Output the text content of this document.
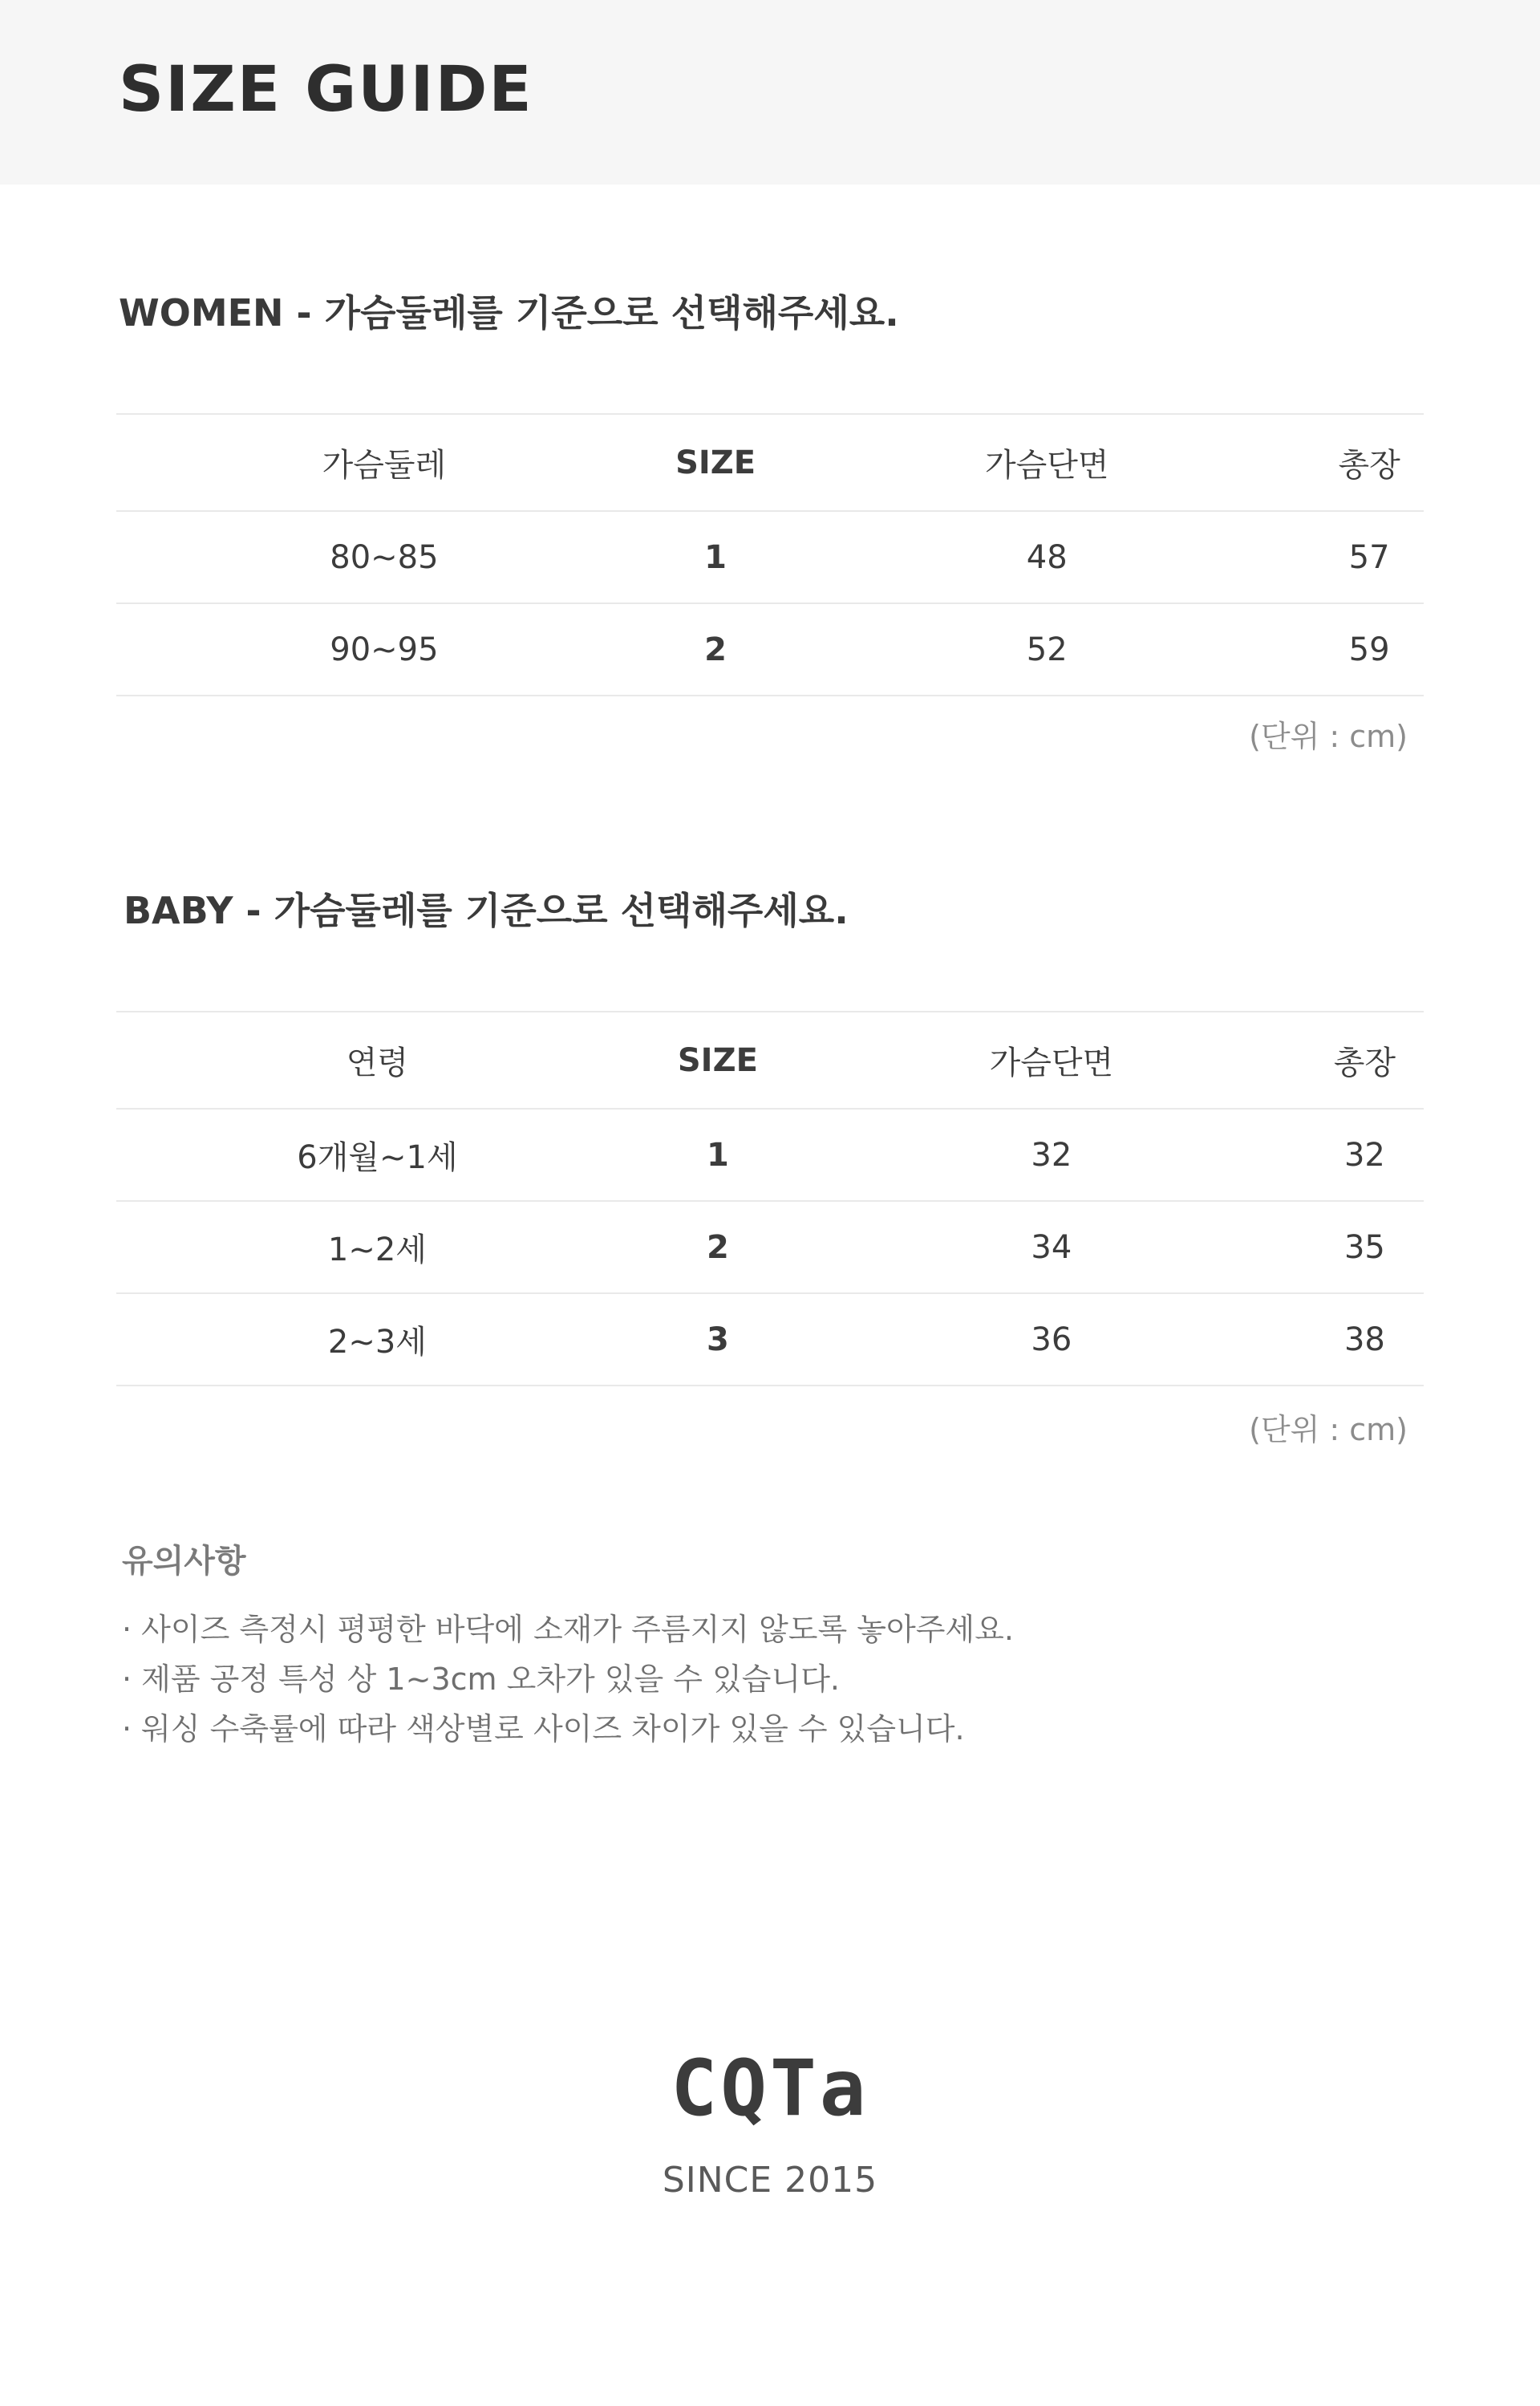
SIZE GUIDE
WOMEN - 가슴둘레를 기준으로 선택해주세요.
가슴둘레	SIZE	가슴단면	총장
80~85	1	48	57
90~95	2	52	59
(단위 : cm)
BABY - 가슴둘레를 기준으로 선택해주세요.
연령	SIZE	가슴단면	총장
6개월~1세	1	32	32
1~2세	2	34	35
2~3세	3	36	38
(단위 : cm)
유의사항
· 사이즈 측정시 평평한 바닥에 소재가 주름지지 않도록 놓아주세요.
· 제품 공정 특성 상 1~3cm 오차가 있을 수 있습니다.
· 워싱 수축률에 따라 색상별로 사이즈 차이가 있을 수 있습니다.
CQTa
SINCE 2015
